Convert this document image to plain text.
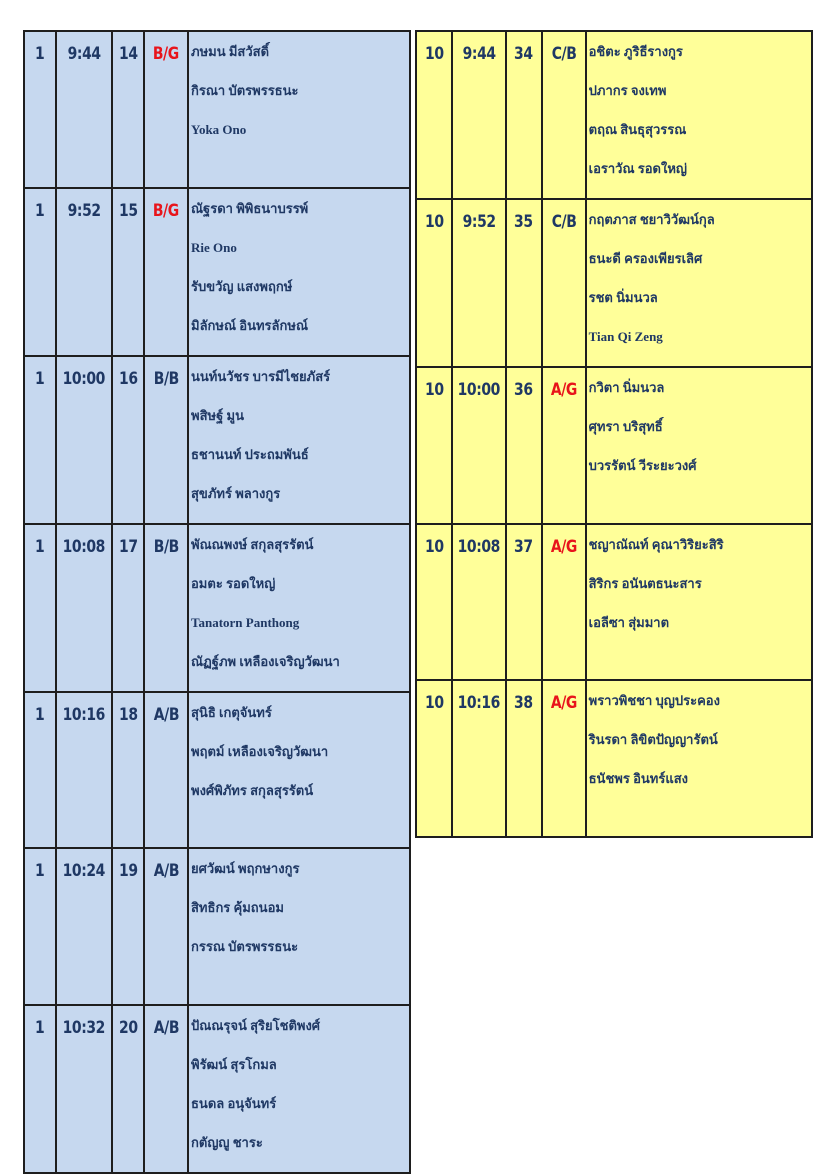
1	9:44	14	B/G	ภษมน มีสวัสดิ์
กิรณา บัตรพรรธนะ
Yoka Ono

1	9:52	15	B/G	ณัฐรดา พิพิธนาบรรพ์
Rie Ono
รับขวัญ แสงพฤกษ์
มิลักษณ์ อินทรลักษณ์

1	10:00	16	B/B	นนท์นวัชร บารมีไชยภัสร์
พสิษฐ์ มูน
ธชานนท์ ประถมพันธ์
สุขภัทร์ พลางกูร

1	10:08	17	B/B	พัณณพงษ์ สกุลสุรรัตน์
อมตะ รอดใหญ่
Tanatorn Panthong
ณัฏฐ์ภพ เหลืองเจริญวัฒนา

1	10:16	18	A/B	สุนิธิ เกตุจันทร์
พฤตม์ เหลืองเจริญวัฒนา
พงศ์พิภัทร สกุลสุรรัตน์

1	10:24	19	A/B	ยศวัฒน์ พฤกษางกูร
สิทธิกร คุ้มถนอม
กรรณ บัตรพรรธนะ

1	10:32	20	A/B	ปัณณรุจน์ สุริยโชติพงศ์
พิรัฒน์ สุรโกมล
ธนดล อนุจันทร์
กตัญญู ชาระ
10	9:44	34	C/B	อชิตะ ภูริธีรางกูร
ปภากร จงเทพ
ตฤณ สินธุสุวรรณ
เอราวัณ รอดใหญ่

10	9:52	35	C/B	กฤตภาส ชยาวิวัฒน์กุล
ธนะดี ครองเพียรเลิศ
รชต นิ่มนวล
Tian Qi Zeng

10	10:00	36	A/G	กวิตา นิ่มนวล
ศุทรา บริสุทธิ์
บวรรัตน์ วีระยะวงศ์

10	10:08	37	A/G	ชญาณัณท์ คุณาวิริยะสิริ
สิริกร อนันตธนะสาร
เอลีซา สุ่มมาต

10	10:16	38	A/G	พราวพิชชา บุญประคอง
รินรดา ลิขิตปัญญารัตน์
ธนัชพร อินทร์แสง
